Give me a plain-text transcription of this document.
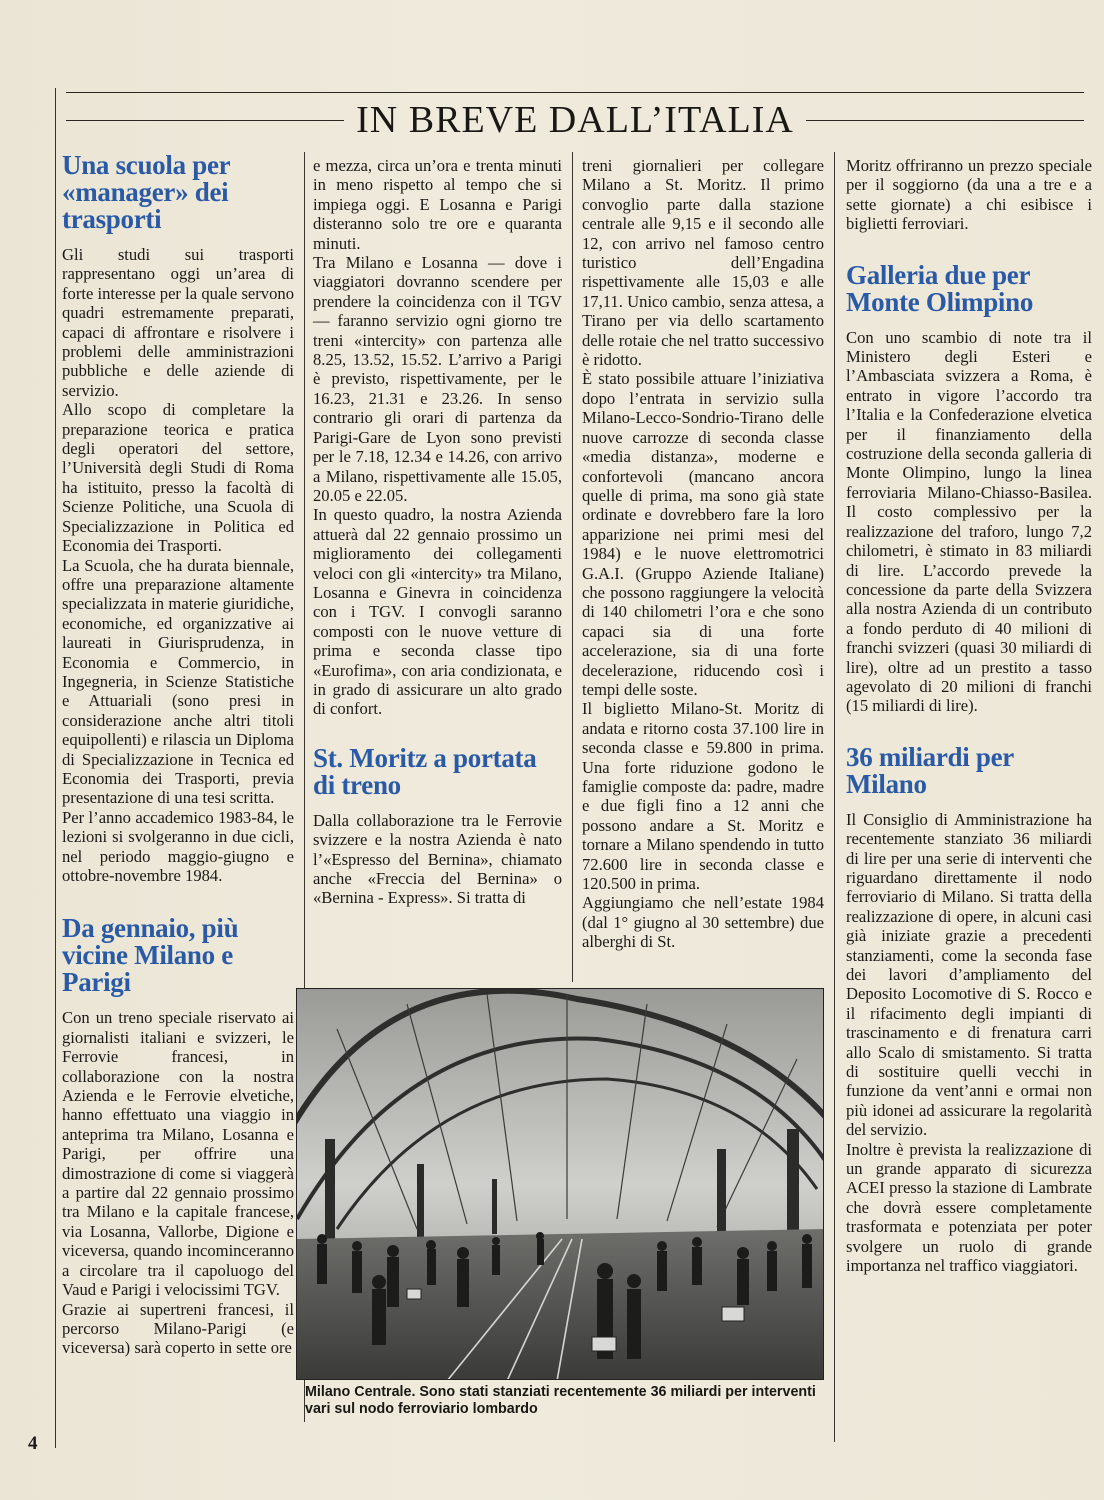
IN BREVE DALL’ITALIA
Una scuola per «manager» dei trasporti

Gli studi sui trasporti rappresentano oggi un’area di forte interesse per la quale servono quadri estremamente preparati, capaci di affrontare e risolvere i problemi delle amministrazioni pubbliche e delle aziende di servizio.

Allo scopo di completare la preparazione teorica e pratica degli operatori del settore, l’Università degli Studi di Roma ha istituito, presso la facoltà di Scienze Politiche, una Scuola di Specializzazione in Politica ed Economia dei Trasporti.

La Scuola, che ha durata biennale, offre una preparazione altamente specializzata in materie giuridiche, economiche, ed organizzative ai laureati in Giurisprudenza, in Economia e Commercio, in Ingegneria, in Scienze Statistiche e Attuariali (sono presi in considerazione anche altri titoli equipollenti) e rilascia un Diploma di Specializzazione in Tecnica ed Economia dei Trasporti, previa presentazione di una tesi scritta.

Per l’anno accademico 1983-84, le lezioni si svolgeranno in due cicli, nel periodo maggio-giugno e ottobre-novembre 1984.

Da gennaio, più vicine Milano e Parigi

Con un treno speciale riservato ai giornalisti italiani e svizzeri, le Ferrovie francesi, in collaborazione con la nostra Azienda e le Ferrovie elvetiche, hanno effettuato una viaggio in anteprima tra Milano, Losanna e Parigi, per offrire una dimostrazione di come si viaggerà a partire dal 22 gennaio prossimo tra Milano e la capitale francese, via Losanna, Vallorbe, Digione e viceversa, quando incominceranno a circolare tra il capoluogo del Vaud e Parigi i velocissimi TGV.

Grazie ai supertreni francesi, il percorso Milano-Parigi (e viceversa) sarà coperto in sette ore

e mezza, circa un’ora e trenta minuti in meno rispetto al tempo che si impiega oggi. E Losanna e Parigi disteranno solo tre ore e quaranta minuti.

Tra Milano e Losanna — dove i viaggiatori dovranno scendere per prendere la coincidenza con il TGV — faranno servizio ogni giorno tre treni «intercity» con partenza alle 8.25, 13.52, 15.52. L’arrivo a Parigi è previsto, rispettivamente, per le 16.23, 21.31 e 23.26. In senso contrario gli orari di partenza da Parigi-Gare de Lyon sono previsti per le 7.18, 12.34 e 14.26, con arrivo a Milano, rispettivamente alle 15.05, 20.05 e 22.05.

In questo quadro, la nostra Azienda attuerà dal 22 gennaio prossimo un miglioramento dei collegamenti veloci con gli «intercity» tra Milano, Losanna e Ginevra in coincidenza con i TGV. I convogli saranno composti con le nuove vetture di prima e seconda classe tipo «Eurofima», con aria condizionata, e in grado di assicurare un alto grado di confort.

St. Moritz a portata di treno

Dalla collaborazione tra le Ferrovie svizzere e la nostra Azienda è nato l’«Espresso del Bernina», chiamato anche «Freccia del Bernina» o «Bernina - Express». Si tratta di

treni giornalieri per collegare Milano a St. Moritz. Il primo convoglio parte dalla stazione centrale alle 9,15 e il secondo alle 12, con arrivo nel famoso centro turistico dell’Engadina rispettivamente alle 15,03 e alle 17,11. Unico cambio, senza attesa, a Tirano per via dello scartamento delle rotaie che nel tratto successivo è ridotto.

È stato possibile attuare l’iniziativa dopo l’entrata in servizio sulla Milano-Lecco-Sondrio-Tirano delle nuove carrozze di seconda classe «media distanza», moderne e confortevoli (mancano ancora quelle di prima, ma sono già state ordinate e dovrebbero fare la loro apparizione nei primi mesi del 1984) e le nuove elettromotrici G.A.I. (Gruppo Aziende Italiane) che possono raggiungere la velocità di 140 chilometri l’ora e che sono capaci sia di una forte accelerazione, sia di una forte decelerazione, riducendo così i tempi delle soste.

Il biglietto Milano-St. Moritz di andata e ritorno costa 37.100 lire in seconda classe e 59.800 in prima. Una forte riduzione godono le famiglie composte da: padre, madre e due figli fino a 12 anni che possono andare a St. Moritz e tornare a Milano spendendo in tutto 72.600 lire in seconda classe e 120.500 in prima.

Aggiungiamo che nell’estate 1984 (dal 1° giugno al 30 settembre) due alberghi di St.

Moritz offriranno un prezzo speciale per il soggiorno (da una a tre e a sette giornate) a chi esibisce i biglietti ferroviari.

Galleria due per Monte Olimpino

Con uno scambio di note tra il Ministero degli Esteri e l’Ambasciata svizzera a Roma, è entrato in vigore l’accordo tra l’Italia e la Confederazione elvetica per il finanziamento della costruzione della seconda galleria di Monte Olimpino, lungo la linea ferroviaria Milano-Chiasso-Basilea. Il costo complessivo per la realizzazione del traforo, lungo 7,2 chilometri, è stimato in 83 miliardi di lire. L’accordo prevede la concessione da parte della Svizzera alla nostra Azienda di un contributo a fondo perduto di 40 milioni di franchi svizzeri (quasi 30 miliardi di lire), oltre ad un prestito a tasso agevolato di 20 milioni di franchi (15 miliardi di lire).

36 miliardi per Milano

Il Consiglio di Amministrazione ha recentemente stanziato 36 miliardi di lire per una serie di interventi che riguardano direttamente il nodo ferroviario di Milano. Si tratta della realizzazione di opere, in alcuni casi già iniziate grazie a precedenti stanziamenti, come la seconda fase dei lavori d’ampliamento del Deposito Locomotive di S. Rocco e il rifacimento degli impianti di trascinamento e di frenatura carri allo Scalo di smistamento. Si tratta di sostituire quelli vecchi in funzione da vent’anni e ormai non più idonei ad assicurare la regolarità del servizio.

Inoltre è prevista la realizzazione di un grande apparato di sicurezza ACEI presso la stazione di Lambrate che dovrà essere completamente trasformata e potenziata per poter svolgere un ruolo di grande importanza nel traffico viaggiatori.

Milano Centrale. Sono stati stanziati recentemente 36 miliardi per interventi vari sul nodo ferroviario lombardo
4
